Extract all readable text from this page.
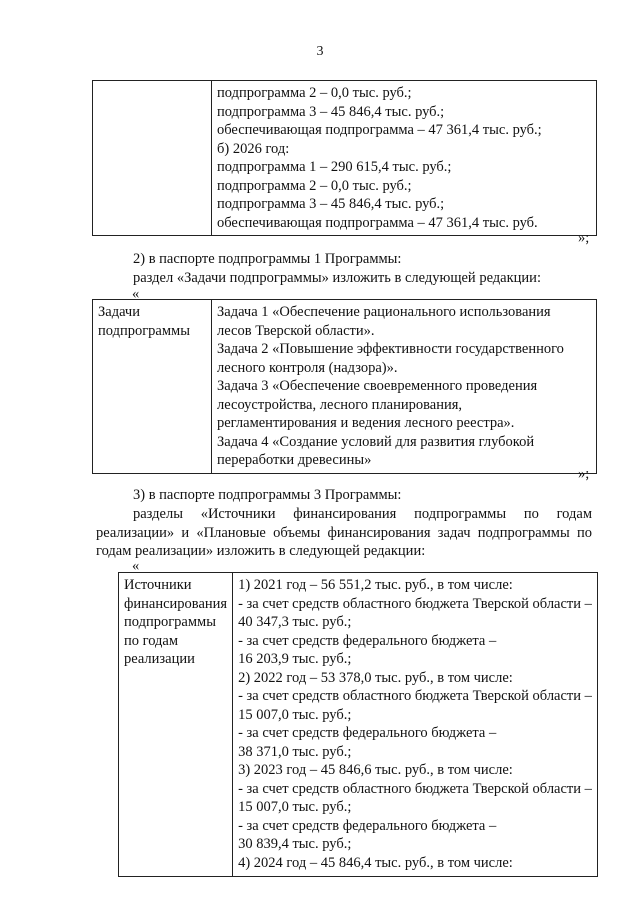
3

подпрограмма 2 – 0,0 тыс. руб.;
подпрограмма 3 – 45 846,4 тыс. руб.;
обеспечивающая подпрограмма – 47 361,4 тыс. руб.;
б) 2026 год:
подпрограмма 1 – 290 615,4 тыс. руб.;
подпрограмма 2 – 0,0 тыс. руб.;
подпрограмма 3 – 45 846,4 тыс. руб.;
обеспечивающая подпрограмма – 47 361,4 тыс. руб.
»;
2) в паспорте подпрограммы 1 Программы:
раздел «Задачи подпрограммы» изложить в следующей редакции:
«
Задачи
подпрограммы

Задача 1 «Обеспечение рационального использования
лесов Тверской области».
Задача 2 «Повышение эффективности государственного
лесного контроля (надзора)».
Задача 3 «Обеспечение своевременного проведения
лесоустройства, лесного планирования,
регламентирования и ведения лесного реестра».
Задача 4 «Создание условий для развития глубокой
переработки древесины»
»;
3) в паспорте подпрограммы 3 Программы:
разделы «Источники финансирования подпрограммы по годам реализации» и «Плановые объемы финансирования задач подпрограммы по годам реализации» изложить в следующей редакции:
«
Источники
финансирования
подпрограммы
по годам
реализации

1) 2021 год – 56 551,2 тыс. руб., в том числе:
- за счет средств областного бюджета Тверской области –
40 347,3 тыс. руб.;
- за счет средств федерального бюджета –
16 203,9 тыс. руб.;
2) 2022 год – 53 378,0 тыс. руб., в том числе:
- за счет средств областного бюджета Тверской области –
15 007,0 тыс. руб.;
- за счет средств федерального бюджета –
38 371,0 тыс. руб.;
3) 2023 год – 45 846,6 тыс. руб., в том числе:
- за счет средств областного бюджета Тверской области –
15 007,0 тыс. руб.;
- за счет средств федерального бюджета –
30 839,4 тыс. руб.;
4) 2024 год – 45 846,4 тыс. руб., в том числе:
